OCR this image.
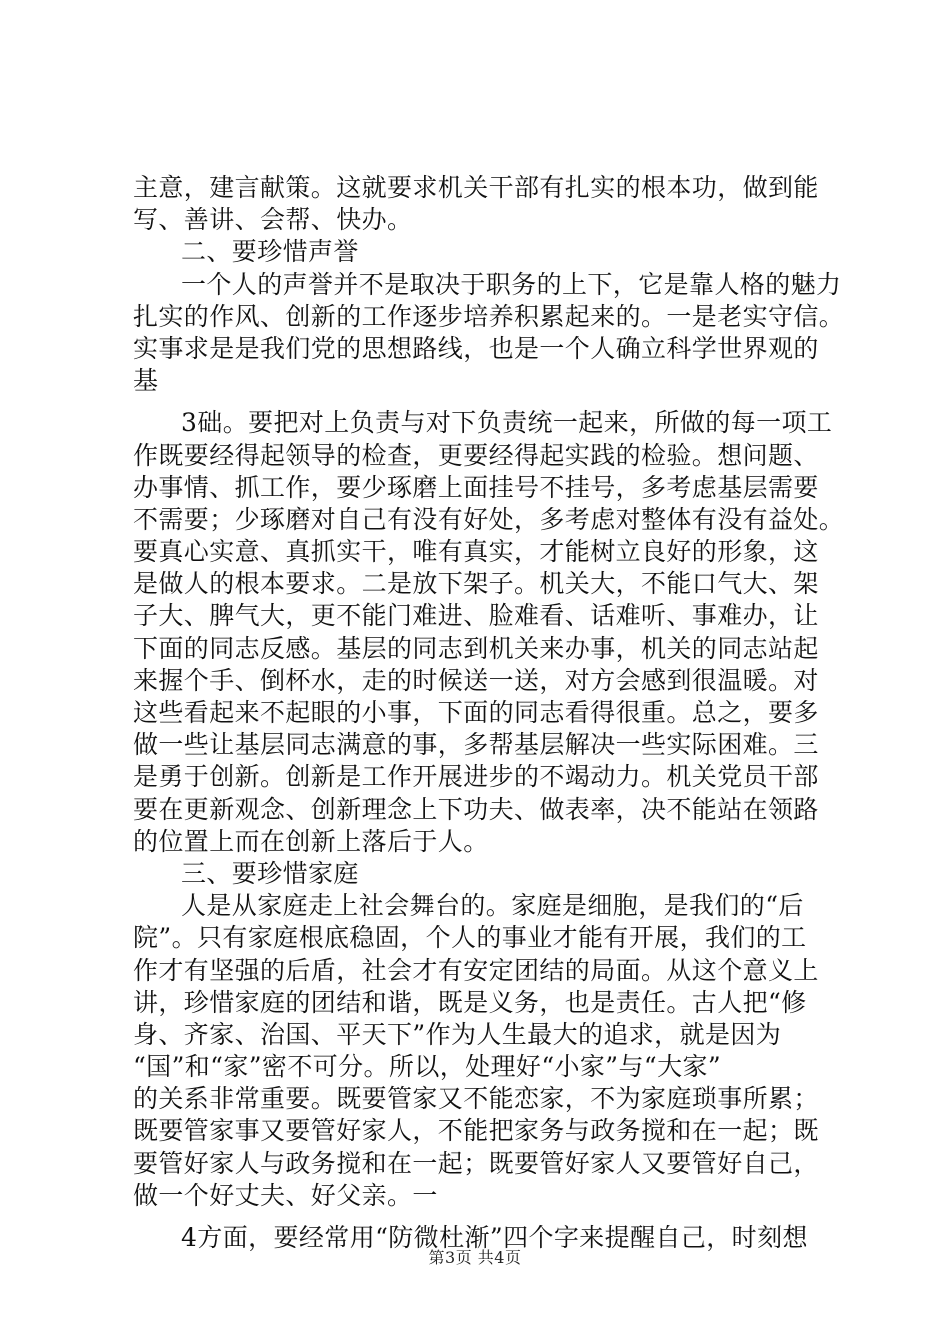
主意，建言献策。这就要求机关干部有扎实的根本功，做到能
写、善讲、会帮、快办。
二、要珍惜声誉
一个人的声誉并不是取决于职务的上下，它是靠人格的魅力
扎实的作风、创新的工作逐步培养积累起来的。一是老实守信。
实事求是是我们党的思想路线，也是一个人确立科学世界观的
基
3础。要把对上负责与对下负责统一起来，所做的每一项工
作既要经得起领导的检查，更要经得起实践的检验。想问题、
办事情、抓工作，要少琢磨上面挂号不挂号，多考虑基层需要
不需要；少琢磨对自己有没有好处，多考虑对整体有没有益处。
要真心实意、真抓实干，唯有真实，才能树立良好的形象，这
是做人的根本要求。二是放下架子。机关大，不能口气大、架
子大、脾气大，更不能门难进、脸难看、话难听、事难办，让
下面的同志反感。基层的同志到机关来办事，机关的同志站起
来握个手、倒杯水，走的时候送一送，对方会感到很温暖。对
这些看起来不起眼的小事，下面的同志看得很重。总之，要多
做一些让基层同志满意的事，多帮基层解决一些实际困难。三
是勇于创新。创新是工作开展进步的不竭动力。机关党员干部
要在更新观念、创新理念上下功夫、做表率，决不能站在领路
的位置上而在创新上落后于人。
三、要珍惜家庭
人是从家庭走上社会舞台的。家庭是细胞，是我们的“后
院”。只有家庭根底稳固，个人的事业才能有开展，我们的工
作才有坚强的后盾，社会才有安定团结的局面。从这个意义上
讲，珍惜家庭的团结和谐，既是义务，也是责任。古人把“修
身、齐家、治国、平天下”作为人生最大的追求，就是因为
“国”和“家”密不可分。所以，处理好“小家”与“大家”
的关系非常重要。既要管家又不能恋家，不为家庭琐事所累；
既要管家事又要管好家人，不能把家务与政务搅和在一起；既
要管好家人与政务搅和在一起；既要管好家人又要管好自己，
做一个好丈夫、好父亲。一
4方面，要经常用“防微杜渐”四个字来提醒自己，时刻想
第3页 共4页
